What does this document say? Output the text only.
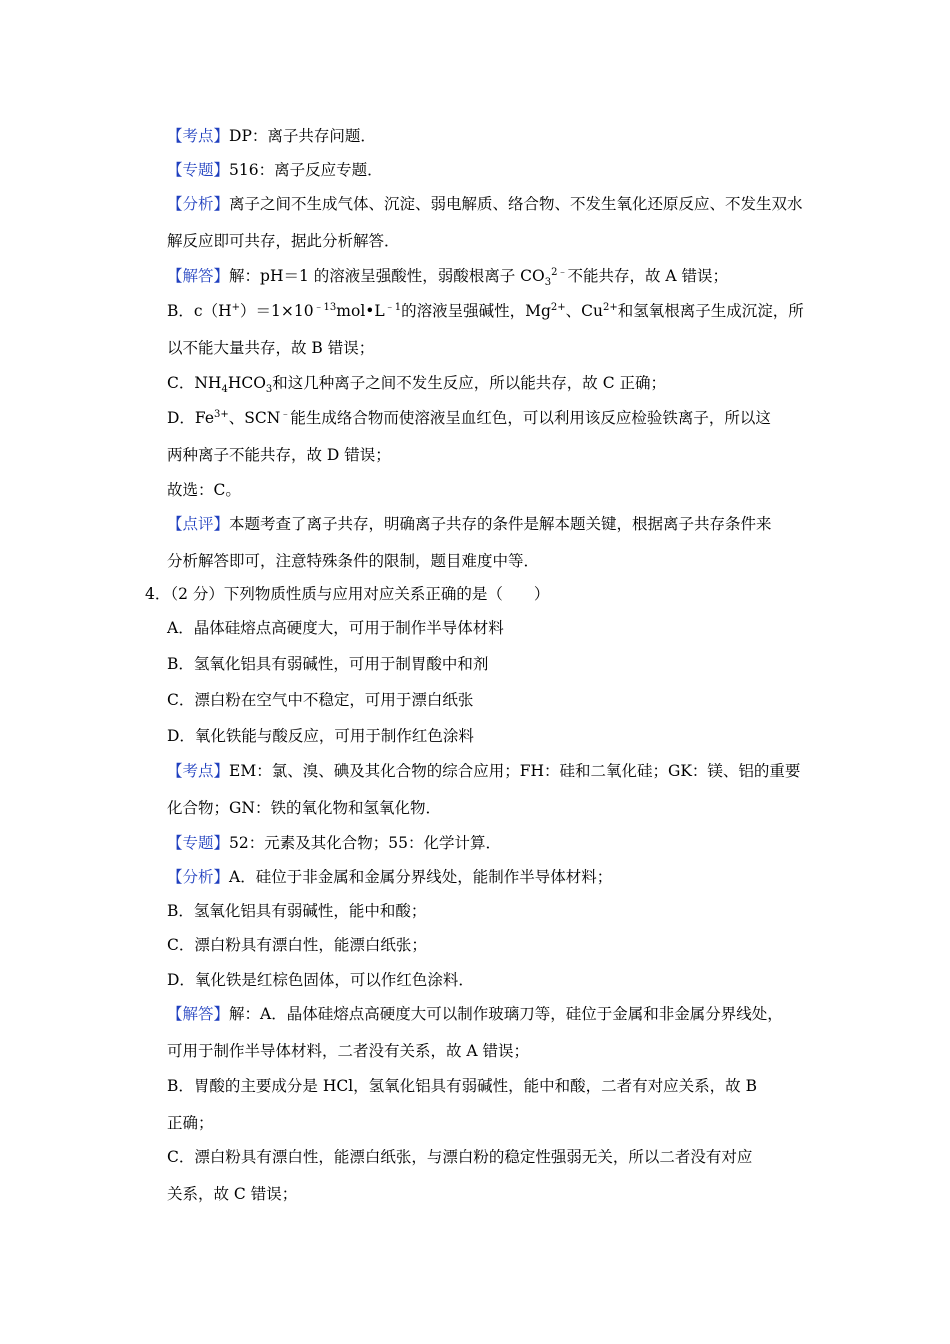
【考点】DP：离子共存问题．
【专题】516：离子反应专题．
【分析】离子之间不生成气体、沉淀、弱电解质、络合物、不发生氧化还原反应、不发生双水
解反应即可共存，据此分析解答．
【解答】解：pH＝1 的溶液呈强酸性，弱酸根离子 $CO_3^{2﹣}$不能共存，故 A 错误；
B．$c(H^+)=1\times 10^{﹣13}mol•L^{﹣1}$的溶液呈强碱性，$Mg^{2+}$、$Cu^{2+}$和氢氧根离子生成沉淀，所
以不能大量共存，故 B 错误；
C．$NH_4HCO_3$和这几种离子之间不发生反应，所以能共存，故 C 正确；
D．$Fe^{3+}$、SCN﹣能生成络合物而使溶液呈血红色，可以利用该反应检验铁离子，所以这
两种离子不能共存，故 D 错误；
故选：C。
【点评】本题考查了离子共存，明确离子共存的条件是解本题关键，根据离子共存条件来
分析解答即可，注意特殊条件的限制，题目难度中等．
4．（2 分）下列物质性质与应用对应关系正确的是（　　）
A．晶体硅熔点高硬度大，可用于制作半导体材料
B．氢氧化铝具有弱碱性，可用于制胃酸中和剂
C．漂白粉在空气中不稳定，可用于漂白纸张
D．氧化铁能与酸反应，可用于制作红色涂料
【考点】EM：氯、溴、碘及其化合物的综合应用；FH：硅和二氧化硅；GK：镁、铝的重要
化合物；GN：铁的氧化物和氢氧化物．
【专题】52：元素及其化合物；55：化学计算．
【分析】A．硅位于非金属和金属分界线处，能制作半导体材料；
B．氢氧化铝具有弱碱性，能中和酸；
C．漂白粉具有漂白性，能漂白纸张；
D．氧化铁是红棕色固体，可以作红色涂料．
【解答】解：A．晶体硅熔点高硬度大可以制作玻璃刀等，硅位于金属和非金属分界线处，
可用于制作半导体材料，二者没有关系，故 A 错误；
B．胃酸的主要成分是 HCl，氢氧化铝具有弱碱性，能中和酸，二者有对应关系，故 B
正确；
C．漂白粉具有漂白性，能漂白纸张，与漂白粉的稳定性强弱无关，所以二者没有对应
关系，故 C 错误；
